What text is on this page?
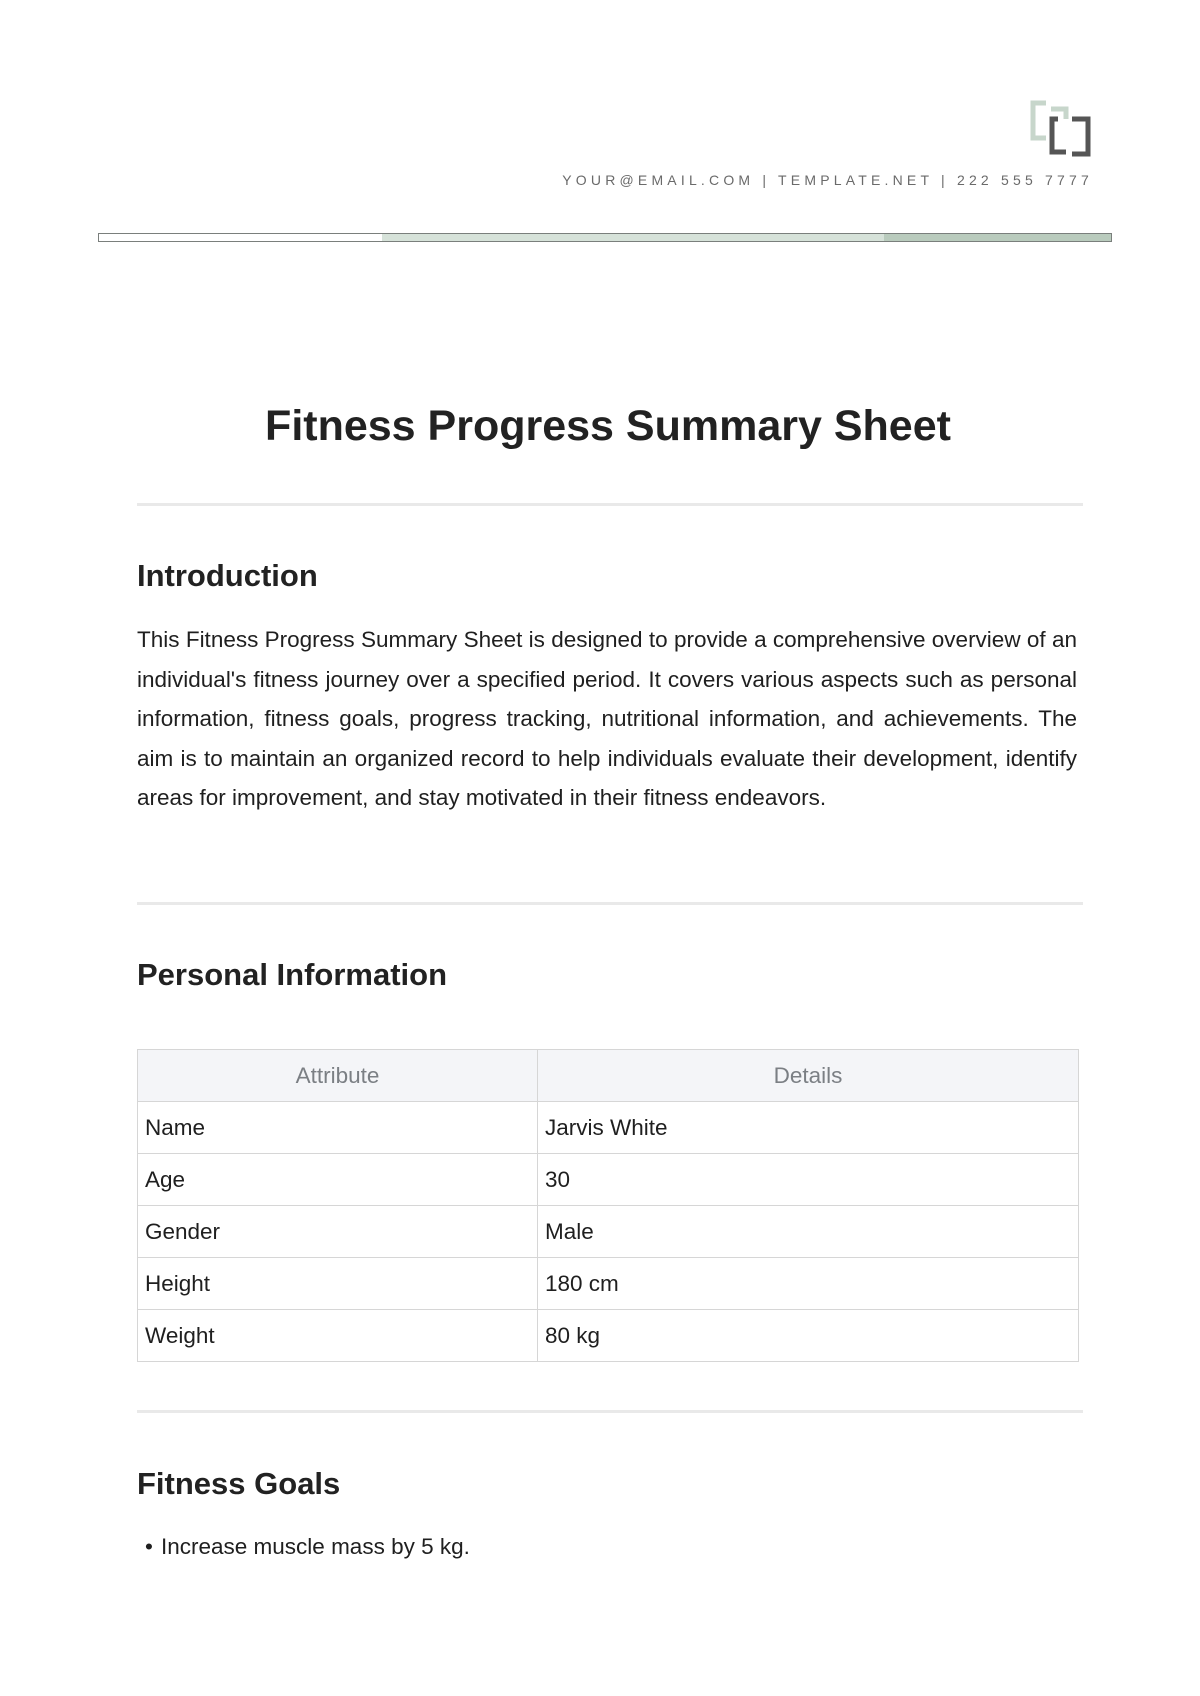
YOUR@EMAIL.COM | TEMPLATE.NET | 222 555 7777
Fitness Progress Summary Sheet
Introduction

This Fitness Progress Summary Sheet is designed to provide a comprehensive overview of an individual's fitness journey over a specified period. It covers various aspects such as personal information, fitness goals, progress tracking, nutritional information, and achievements. The aim is to maintain an organized record to help individuals evaluate their development, identify areas for improvement, and stay motivated in their fitness endeavors.

Personal Information
Attribute	Details
Name	Jarvis White
Age	30
Gender	Male
Height	180 cm
Weight	80 kg
Fitness Goals
• Increase muscle mass by 5 kg.
